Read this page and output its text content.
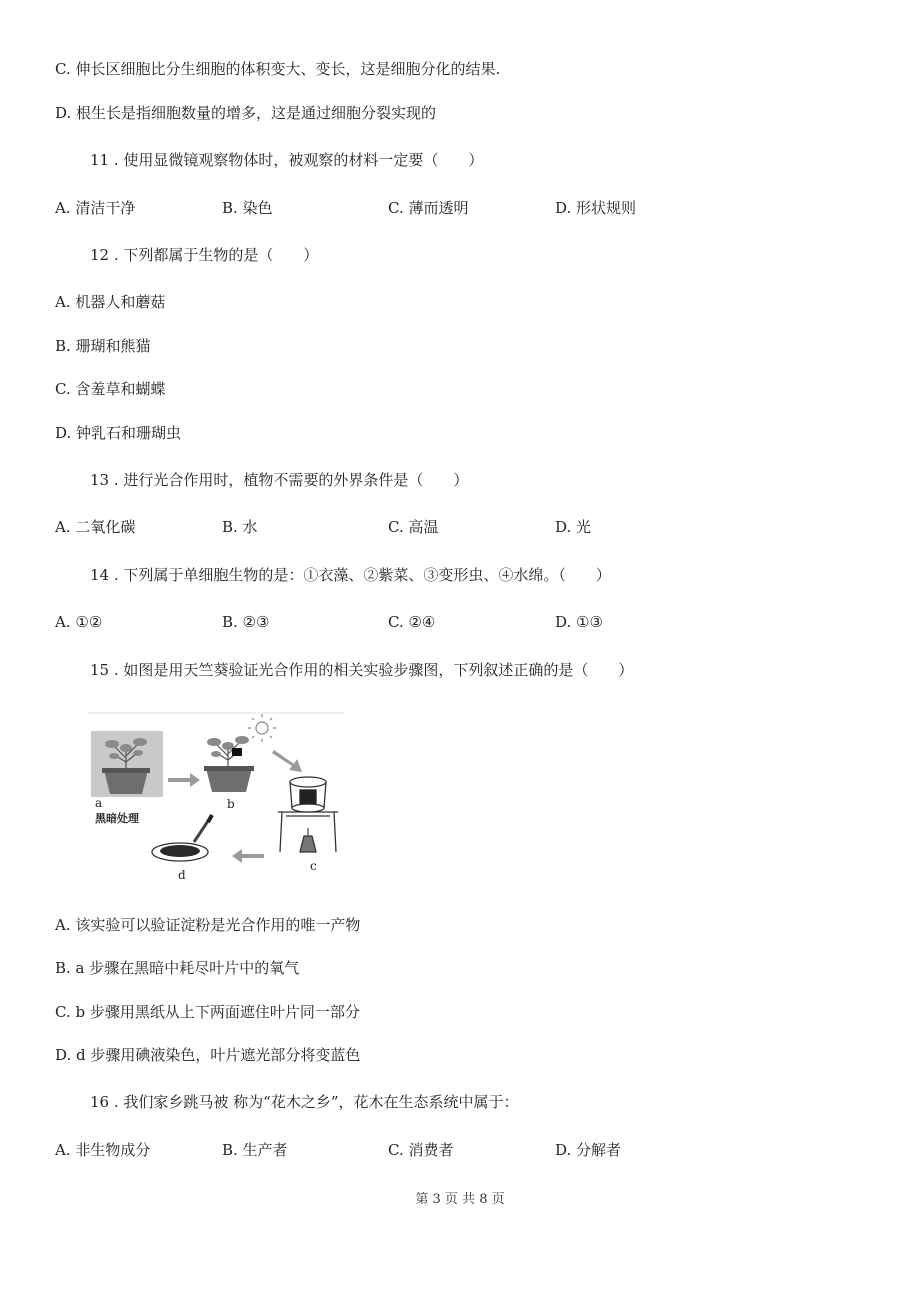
C. 伸长区细胞比分生细胞的体积变大、变长，这是细胞分化的结果.
D. 根生长是指细胞数量的增多，这是通过细胞分裂实现的
11 . 使用显微镜观察物体时，被观察的材料一定要（　　）
A. 清洁干净	B. 染色	C. 薄而透明	D. 形状规则
12 . 下列都属于生物的是（　　）
A. 机器人和蘑菇
B. 珊瑚和熊猫
C. 含羞草和蝴蝶
D. 钟乳石和珊瑚虫
13 . 进行光合作用时，植物不需要的外界条件是（　　）
A. 二氧化碳	B. 水	C. 高温	D. 光
14 . 下列属于单细胞生物的是：①衣藻、②紫菜、③变形虫、④水绵。（　　）
A. ①②	B. ②③	C. ②④	D. ①③
15 . 如图是用天竺葵验证光合作用的相关实验步骤图，下列叙述正确的是（　　）
a
黑暗处理
b
c
d
A. 该实验可以验证淀粉是光合作用的唯一产物
B. a 步骤在黑暗中耗尽叶片中的氧气
C. b 步骤用黑纸从上下两面遮住叶片同一部分
D. d 步骤用碘液染色，叶片遮光部分将变蓝色
16 . 我们家乡跳马被 称为“花木之乡”，花木在生态系统中属于：
A. 非生物成分	B. 生产者	C. 消费者	D. 分解者
第 3 页 共 8 页
